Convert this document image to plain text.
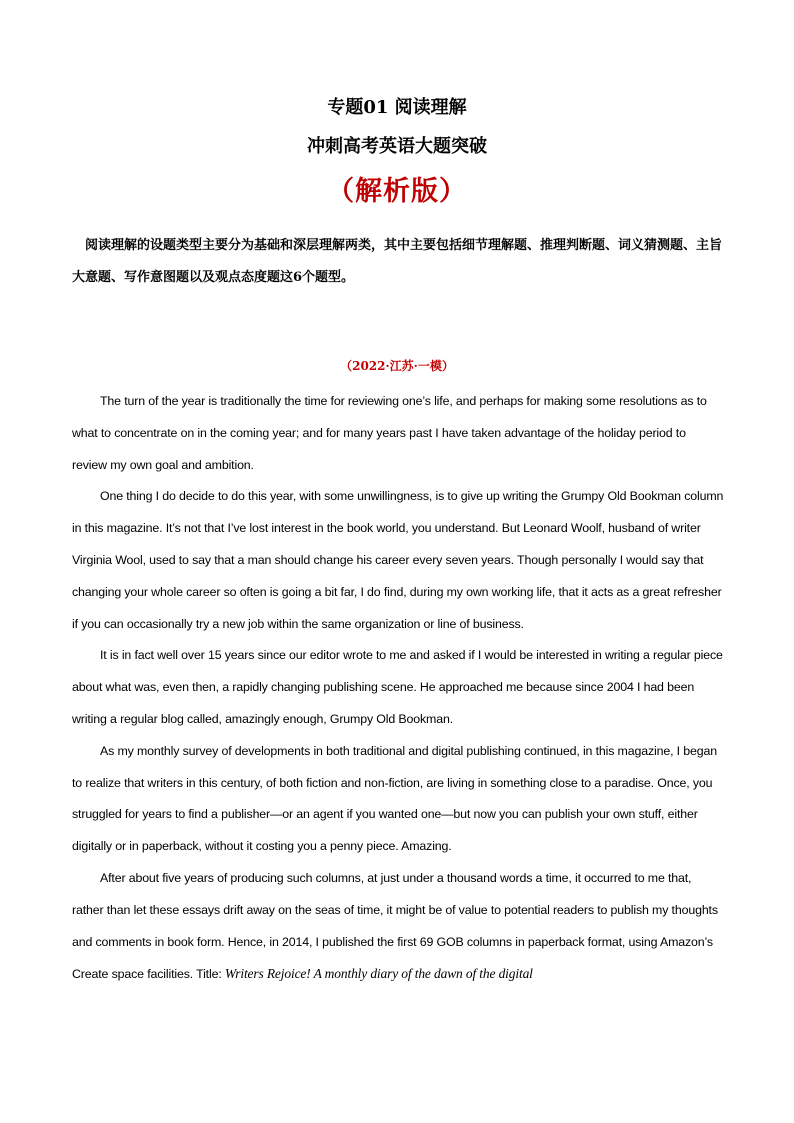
专题01 阅读理解
冲刺高考英语大题突破
（解析版）
阅读理解的设题类型主要分为基础和深层理解两类，其中主要包括细节理解题、推理判断题、词义猜测题、主旨大意题、写作意图题以及观点态度题这6个题型。
（2022·江苏·一模）

The turn of the year is traditionally the time for reviewing one’s life, and perhaps for making some resolutions as to what to concentrate on in the coming year; and for many years past I have taken advantage of the holiday period to review my own goal and ambition.

One thing I do decide to do this year, with some unwillingness, is to give up writing the Grumpy Old Bookman column in this magazine. It’s not that I’ve lost interest in the book world, you understand. But Leonard Woolf, husband of writer Virginia Wool, used to say that a man should change his career every seven years. Though personally I would say that changing your whole career so often is going a bit far, I do find, during my own working life, that it acts as a great refresher if you can occasionally try a new job within the same organization or line of business.

It is in fact well over 15 years since our editor wrote to me and asked if I would be interested in writing a regular piece about what was, even then, a rapidly changing publishing scene. He approached me because since 2004 I had been writing a regular blog called, amazingly enough, Grumpy Old Bookman.

As my monthly survey of developments in both traditional and digital publishing continued, in this magazine, I began to realize that writers in this century, of both fiction and non-fiction, are living in something close to a paradise. Once, you struggled for years to find a publisher—or an agent if you wanted one—but now you can publish your own stuff, either digitally or in paperback, without it costing you a penny piece. Amazing.

After about five years of producing such columns, at just under a thousand words a time, it occurred to me that, rather than let these essays drift away on the seas of time, it might be of value to potential readers to publish my thoughts and comments in book form. Hence, in 2014, I published the first 69 GOB columns in paperback format, using Amazon’s Create space facilities. Title: Writers Rejoice! A monthly diary of the dawn of the digital
